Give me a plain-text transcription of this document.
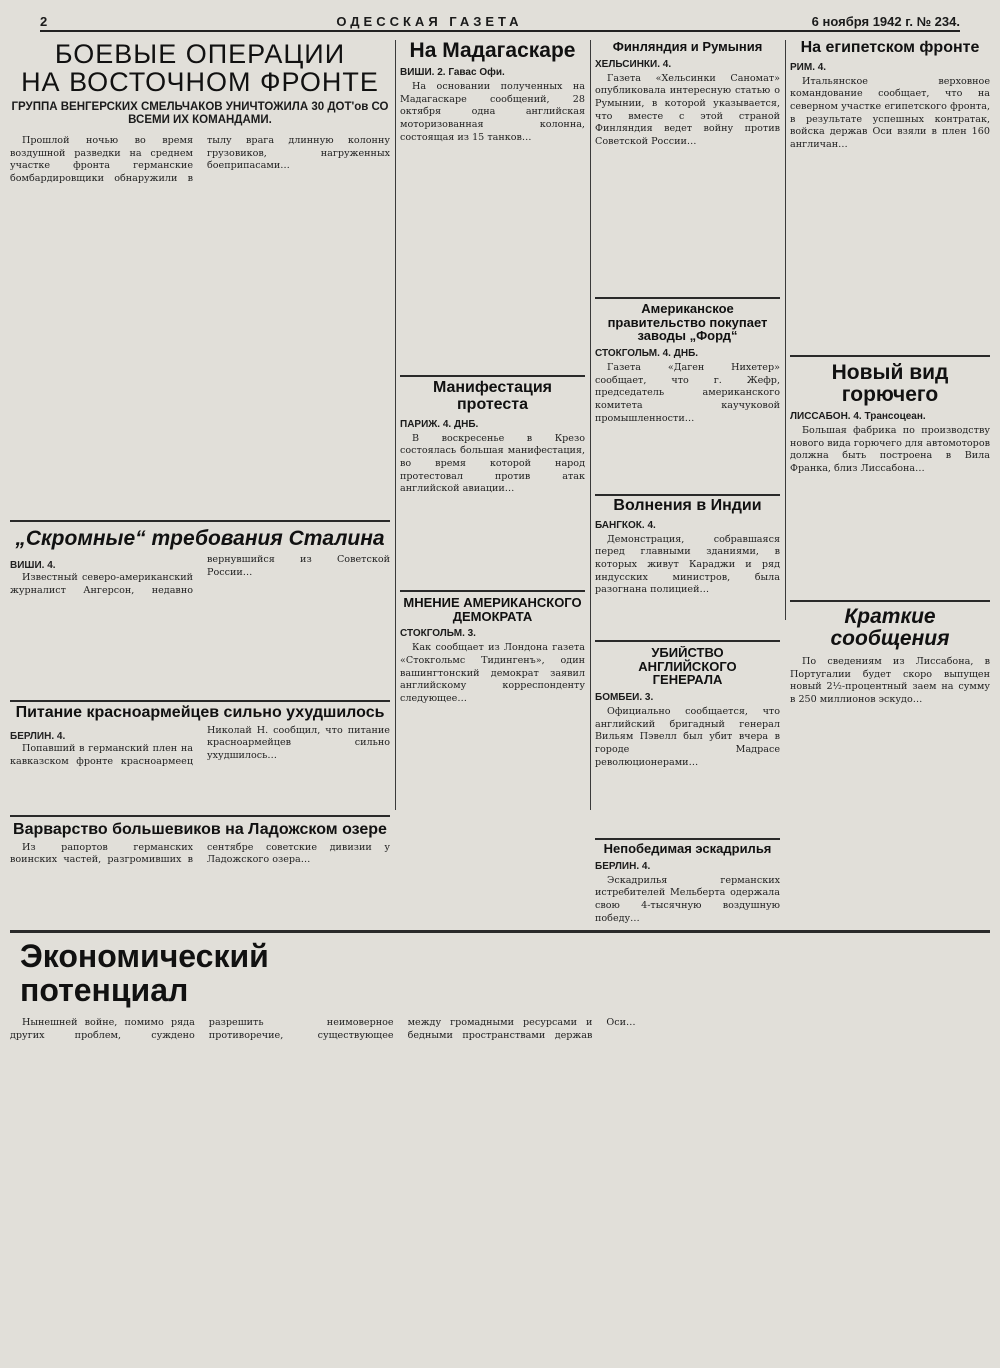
2	ОДЕССКАЯ ГАЗЕТА	6 ноября 1942 г. № 234.
БОЕВЫЕ ОПЕРАЦИИ
НА ВОСТОЧНОМ ФРОНТЕ
ГРУППА ВЕНГЕРСКИХ СМЕЛЬЧАКОВ УНИЧТОЖИЛА 30 ДОТ'ов СО ВСЕМИ ИХ КОМАНДАМИ.
Прошлой ночью во время воздушной разведки на среднем участке фронта германские бомбардировщики обнаружили в тылу врага длинную колонну грузовиков, нагруженных боеприпасами…
„Скромные“ требования Сталина
ВИШИ. 4.
Известный северо-американский журналист Ангерсон, недавно вернувшийся из Советской России…
Питание красноармейцев сильно ухудшилось
БЕРЛИН. 4.
Попавший в германский плен на кавказском фронте красноармеец Николай Н. сообщил, что питание красноармейцев сильно ухудшилось…
Варварство большевиков на Ладожском озере
Из рапортов германских воинских частей, разгромивших в сентябре советские дивизии у Ладожского озера…
На Мадагаскаре
ВИШИ. 2. Гавас Офи.
На основании полученных на Мадагаскаре сообщений, 28 октября одна английская моторизованная колонна, состоящая из 15 танков…
Манифестация протеста
ПАРИЖ. 4. ДНБ.
В воскресенье в Крезо состоялась большая манифестация, во время которой народ протестовал против атак английской авиации…
МНЕНИЕ АМЕРИКАНСКОГО ДЕМОКРАТА
СТОКГОЛЬМ. 3.
Как сообщает из Лондона газета «Стокгольмс Тидингенъ», один вашингтонский демократ заявил английскому корреспонденту следующее…
Финляндия и Румыния
ХЕЛЬСИНКИ. 4.
Газета «Хельсинки Саномат» опубликовала интересную статью о Румынии, в которой указывается, что вместе с этой страной Финляндия ведет войну против Советской России…
Американское
правительство покупает
заводы „Форд“
СТОКГОЛЬМ. 4. ДНБ.
Газета «Даген Нихетер» сообщает, что г. Жефр, председатель американского комитета каучуковой промышленности…
Волнения в Индии
БАНГКОК. 4.
Демонстрация, собравшаяся перед главными зданиями, в которых живут Караджи и ряд индусских министров, была разогнана полицией…
УБИЙСТВО
АНГЛИЙСКОГО
ГЕНЕРАЛА
БОМБЕИ. 3.
Официально сообщается, что английский бригадный генерал Вильям Пэвелл был убит вчера в городе Мадрасе революционерами…
Непобедимая эскадрилья
БЕРЛИН. 4.
Эскадрилья германских истребителей Мельберта одержала свою 4-тысячную воздушную победу…
На египетском фронте
РИМ. 4.
Итальянское верховное командование сообщает, что на северном участке египетского фронта, в результате успешных контратак, войска держав Оси взяли в плен 160 англичан…
Новый вид
горючего
ЛИССАБОН. 4. Трансоцеан.
Большая фабрика по производству нового вида горючего для автомоторов должна быть построена в Вила Франка, близ Лиссабона…
Краткие
сообщения
По сведениям из Лиссабона, в Португалии будет скоро выпущен новый 2½-процентный заем на сумму в 250 миллионов эскудо…
Экономический потенциал
Нынешней войне, помимо ряда других проблем, суждено разрешить неимоверное противоречие, существующее между громадными ресурсами и бедными пространствами держав Оси…
